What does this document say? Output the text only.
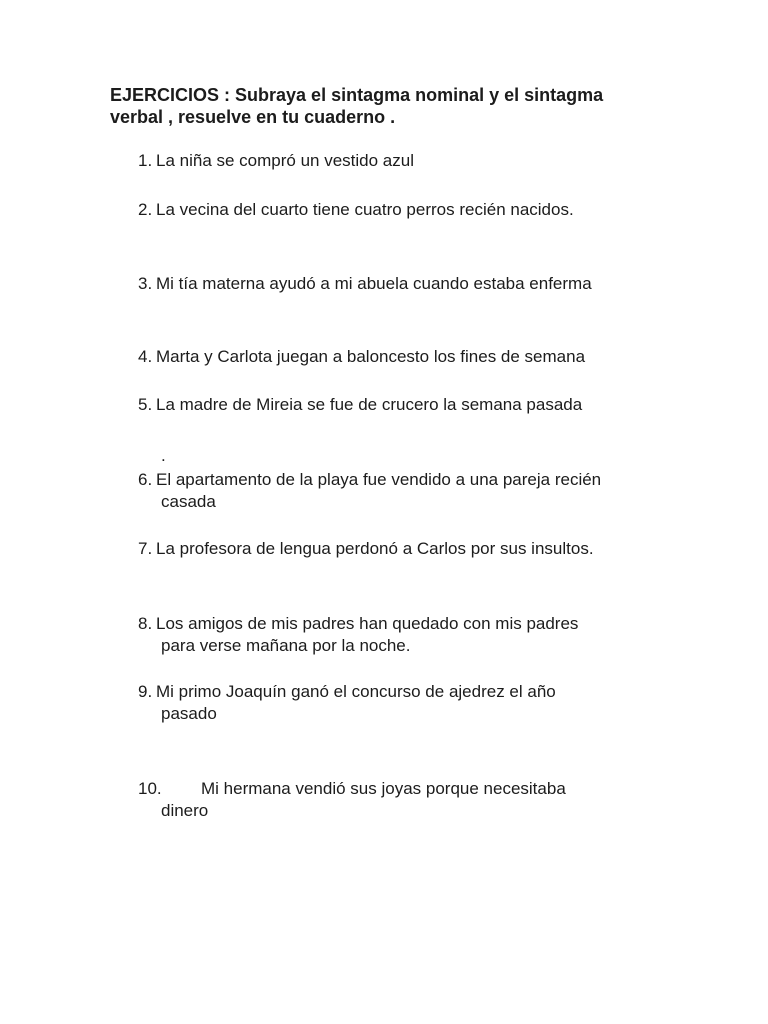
EJERCICIOS : Subraya el sintagma nominal y el sintagma
verbal , resuelve en tu cuaderno .
1. La niña se compró un vestido azul
2. La vecina del cuarto tiene cuatro perros recién nacidos.
3. Mi tía materna ayudó a mi abuela cuando estaba enferma
4. Marta y Carlota juegan a baloncesto los fines de semana
5. La madre de Mireia se fue de crucero la semana pasada
.
6. El apartamento de la playa fue vendido a una pareja recién
casada
7. La profesora de lengua perdonó a Carlos por sus insultos.
8. Los amigos de mis padres han quedado con mis padres
para verse mañana por la noche.
9. Mi primo Joaquín ganó el concurso de ajedrez el año
pasado
10. Mi hermana vendió sus joyas porque necesitaba
dinero
